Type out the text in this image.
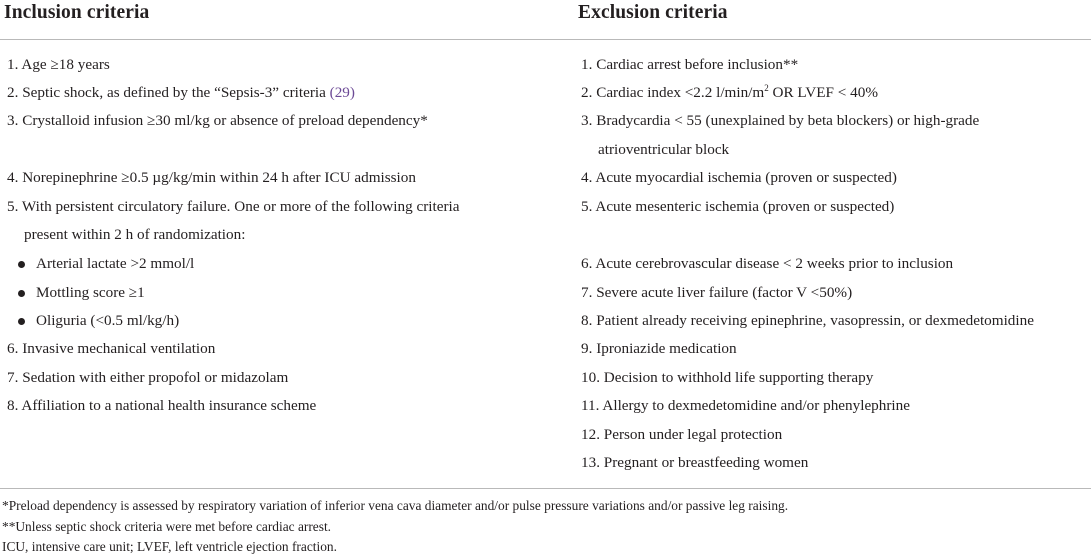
Inclusion criteria	Exclusion criteria
1. Age ≥18 years
2. Septic shock, as defined by the “Sepsis-3” criteria (29)
3. Crystalloid infusion ≥30 ml/kg or absence of preload dependency*
4. Norepinephrine ≥0.5 µg/kg/min within 24 h after ICU admission
5. With persistent circulatory failure. One or more of the following criteria
present within 2 h of randomization:
Arterial lactate >2 mmol/l
Mottling score ≥1
Oliguria (<0.5 ml/kg/h)
6. Invasive mechanical ventilation
7. Sedation with either propofol or midazolam
8. Affiliation to a national health insurance scheme
1. Cardiac arrest before inclusion**
2. Cardiac index <2.2 $l/\min/m^2$ OR LVEF < 40%
3. Bradycardia < 55 (unexplained by beta blockers) or high-grade
atrioventricular block
4. Acute myocardial ischemia (proven or suspected)
5. Acute mesenteric ischemia (proven or suspected)
6. Acute cerebrovascular disease < 2 weeks prior to inclusion
7. Severe acute liver failure (factor V <50%)
8. Patient already receiving epinephrine, vasopressin, or dexmedetomidine
9. Iproniazide medication
10. Decision to withhold life supporting therapy
11. Allergy to dexmedetomidine and/or phenylephrine
12. Person under legal protection
13. Pregnant or breastfeeding women
*Preload dependency is assessed by respiratory variation of inferior vena cava diameter and/or pulse pressure variations and/or passive leg raising.
**Unless septic shock criteria were met before cardiac arrest.
ICU, intensive care unit; LVEF, left ventricle ejection fraction.
